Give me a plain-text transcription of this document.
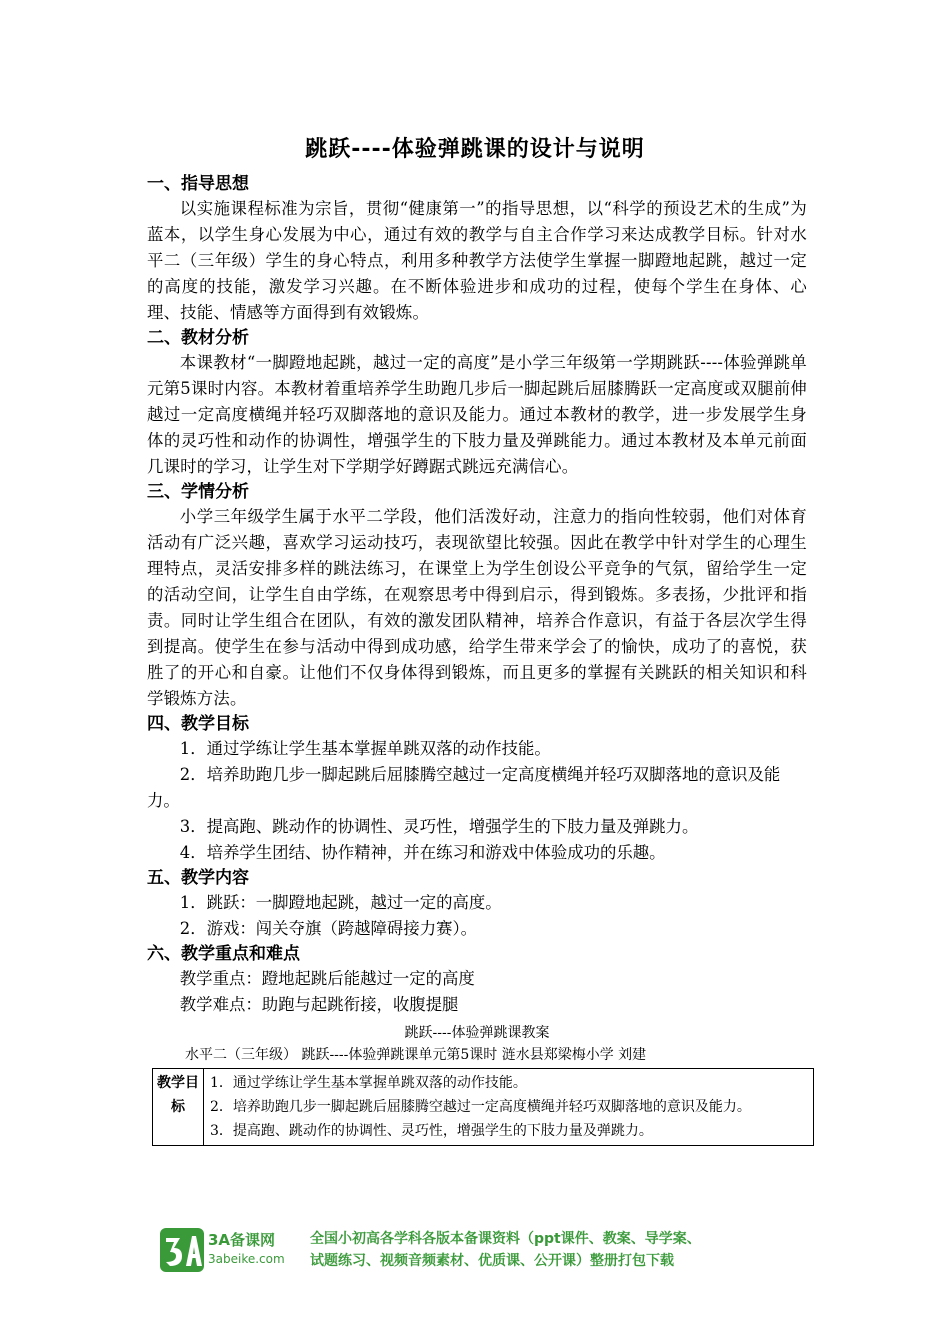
跳跃----体验弹跳课的设计与说明
一、指导思想
以实施课程标准为宗旨，贯彻“健康第一”的指导思想，以“科学的预设艺术的生成”为蓝本，以学生身心发展为中心，通过有效的教学与自主合作学习来达成教学目标。针对水平二（三年级）学生的身心特点，利用多种教学方法使学生掌握一脚蹬地起跳，越过一定的高度的技能，激发学习兴趣。在不断体验进步和成功的过程，使每个学生在身体、心理、技能、情感等方面得到有效锻炼。
二、教材分析
本课教材“一脚蹬地起跳，越过一定的高度”是小学三年级第一学期跳跃----体验弹跳单元第5课时内容。本教材着重培养学生助跑几步后一脚起跳后屈膝腾跃一定高度或双腿前伸越过一定高度横绳并轻巧双脚落地的意识及能力。通过本教材的教学，进一步发展学生身体的灵巧性和动作的协调性，增强学生的下肢力量及弹跳能力。通过本教材及本单元前面几课时的学习，让学生对下学期学好蹲踞式跳远充满信心。
三、学情分析
小学三年级学生属于水平二学段，他们活泼好动，注意力的指向性较弱，他们对体育活动有广泛兴趣，喜欢学习运动技巧，表现欲望比较强。因此在教学中针对学生的心理生理特点，灵活安排多样的跳法练习，在课堂上为学生创设公平竞争的气氛，留给学生一定的活动空间，让学生自由学练，在观察思考中得到启示，得到锻炼。多表扬，少批评和指责。同时让学生组合在团队，有效的激发团队精神，培养合作意识，有益于各层次学生得到提高。使学生在参与活动中得到成功感，给学生带来学会了的愉快，成功了的喜悦，获胜了的开心和自豪。让他们不仅身体得到锻炼，而且更多的掌握有关跳跃的相关知识和科学锻炼方法。
四、教学目标
1．通过学练让学生基本掌握单跳双落的动作技能。
2．培养助跑几步一脚起跳后屈膝腾空越过一定高度横绳并轻巧双脚落地的意识及能力。
3．提高跑、跳动作的协调性、灵巧性，增强学生的下肢力量及弹跳力。
4．培养学生团结、协作精神，并在练习和游戏中体验成功的乐趣。
五、教学内容
1．跳跃：一脚蹬地起跳，越过一定的高度。
2．游戏：闯关夺旗（跨越障碍接力赛）。
六、教学重点和难点
教学重点：蹬地起跳后能越过一定的高度
教学难点：助跑与起跳衔接，收腹提腿
跳跃----体验弹跳课教案
水平二（三年级） 跳跃----体验弹跳课单元第5课时 涟水县郑梁梅小学 刘建
教学目标	
1．通过学练让学生基本掌握单跳双落的动作技能。
2．培养助跑几步一脚起跳后屈膝腾空越过一定高度横绳并轻巧双脚落地的意识及能力。
3．提高跑、跳动作的协调性、灵巧性，增强学生的下肢力量及弹跳力。
3A备课网
3abeike.com
全国小初高各学科各版本备课资料（ppt课件、教案、导学案、
试题练习、视频音频素材、优质课、公开课）整册打包下载
